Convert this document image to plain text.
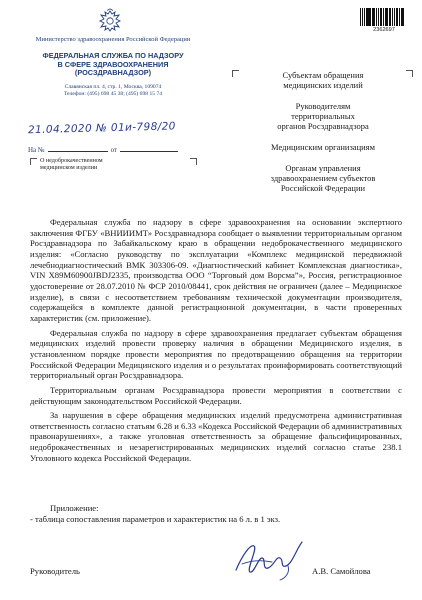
Министерство здравоохранения Российской Федерации
ФЕДЕРАЛЬНАЯ СЛУЖБА ПО НАДЗОРУ
В СФЕРЕ ЗДРАВООХРАНЕНИЯ
(РОСЗДРАВНАДЗОР)
Славянская пл. 4, стр. 1, Москва, 109074
Телефон: (495) 698 45 38; (495) 698 15 74
21.04.2020 № 01и-798/20
На №	от
О недоброкачественном
медицинском изделии
2362697
Субъектам обращения
медицинских изделий
Руководителям
территориальных
органов Росздравнадзора
Медицинским организациям
Органам управления
здравоохранением субъектов
Российской Федерации

Федеральная служба по надзору в сфере здравоохранения на основании экспертного заключения ФГБУ «ВНИИИМТ» Росздравнадзора сообщает о выявлении территориальным органом Росздравнадзора по Забайкальскому краю в обращении недоброкачественного медицинского изделия: «Согласно руководству по эксплуатации «Комплекс медицинской передвижной лечебнодиагностический ВМК 303306-09. «Диагностический кабинет Комплексная диагностика», VIN X89M60900JBDJ2335, производства ООО “Торговый дом Ворсма”», Россия, регистрационное удостоверение от 28.07.2010 № ФСР 2010/08441, срок действия не ограничен (далее – Медицинское изделие), в связи с несоответствием требованиям технической документации производителя, содержащейся в комплекте данной регистрационной документации, в части проверенных характеристик (см. приложение).

Федеральная служба по надзору в сфере здравоохранения предлагает субъектам обращения медицинских изделий провести проверку наличия в обращении Медицинского изделия, в установленном порядке провести мероприятия по предотвращению обращения на территории Российской Федерации Медицинского изделия и о результатах проинформировать соответствующий территориальный орган Росздравнадзора.

Территориальным органам Росздравнадзора провести мероприятия в соответствии с действующим законодательством Российской Федерации.

За нарушения в сфере обращения медицинских изделий предусмотрена административная ответственность согласно статьям 6.28 и 6.33 «Кодекса Российской Федерации об административных правонарушениях», а также уголовная ответственность за обращение фальсифицированных, недоброкачественных и незарегистрированных медицинских изделий согласно статье 238.1 Уголовного кодекса Российской Федерации.

Приложение:
- таблица сопоставления параметров и характеристик на 6 л. в 1 экз.
Руководитель	А.В. Самойлова
